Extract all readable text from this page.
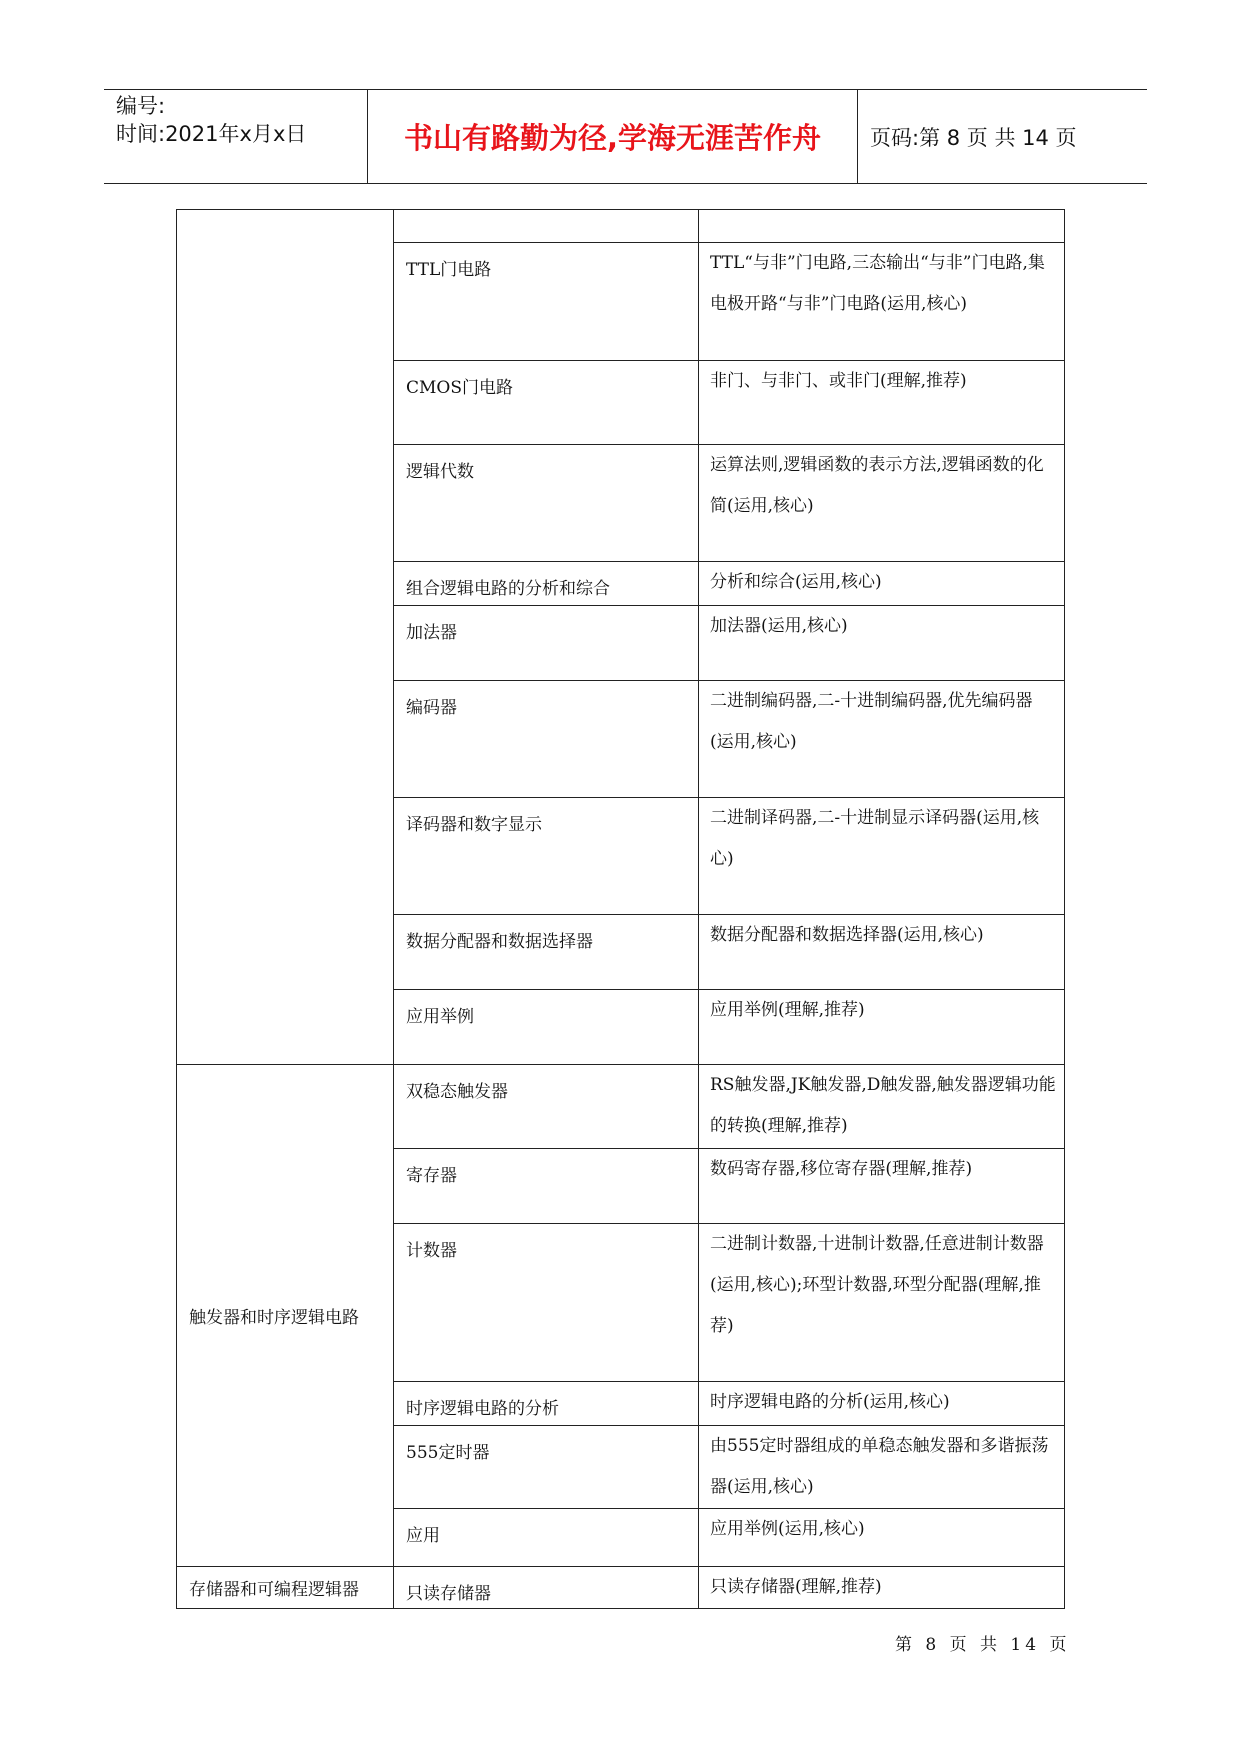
编号:
时间:2021年x月x日	书山有路勤为径,学海无涯苦作舟	页码:第 8 页 共 14 页

	TTL门电路	TTL“与非”门电路,三态输出“与非”门电路,集电极开路“与非”门电路(运用,核心)

	CMOS门电路	非门、与非门、或非门(理解,推荐)

	逻辑代数	运算法则,逻辑函数的表示方法,逻辑函数的化简(运用,核心)

	组合逻辑电路的分析和综合	分析和综合(运用,核心)

	加法器	加法器(运用,核心)

	编码器	二进制编码器,二-十进制编码器,优先编码器(运用,核心)

	译码器和数字显示	二进制译码器,二-十进制显示译码器(运用,核心)

	数据分配器和数据选择器	数据分配器和数据选择器(运用,核心)

	应用举例	应用举例(理解,推荐)

触发器和时序逻辑电路	双稳态触发器	RS触发器,JK触发器,D触发器,触发器逻辑功能的转换(理解,推荐)

	寄存器	数码寄存器,移位寄存器(理解,推荐)

	计数器	二进制计数器,十进制计数器,任意进制计数器(运用,核心);环型计数器,环型分配器(理解,推荐)

	时序逻辑电路的分析	时序逻辑电路的分析(运用,核心)

	555定时器	由555定时器组成的单稳态触发器和多谐振荡器(运用,核心)

	应用	应用举例(运用,核心)

存储器和可编程逻辑器	只读存储器	只读存储器(理解,推荐)
第 8 页 共 14 页
